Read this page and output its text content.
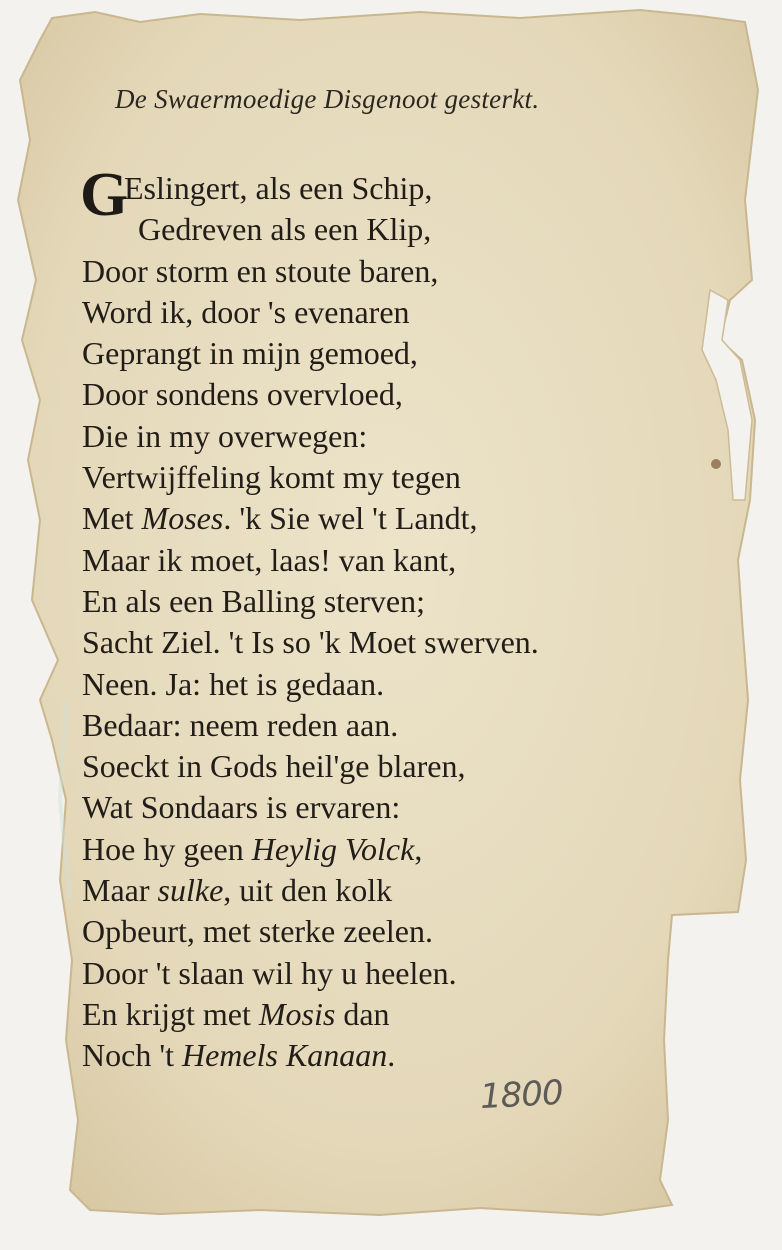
De Swaermoedige Disgenoot gesterkt.
G
Eslingert, als een Schip,
Gedreven als een Klip,
Door storm en stoute baren,
Word ik, door 's evenaren
Geprangt in mijn gemoed,
Door sondens overvloed,
Die in my overwegen:
Vertwijffeling komt my tegen
Met Moses. 'k Sie wel 't Landt,
Maar ik moet, laas! van kant,
En als een Balling sterven;
Sacht Ziel. 't Is so 'k Moet swerven.
Neen. Ja: het is gedaan.
Bedaar: neem reden aan.
Soeckt in Gods heil'ge blaren,
Wat Sondaars is ervaren:
Hoe hy geen Heylig Volck,
Maar sulke, uit den kolk
Opbeurt, met sterke zeelen.
Door 't slaan wil hy u heelen.
En krijgt met Mosis dan
Noch 't Hemels Kanaan.
1800
